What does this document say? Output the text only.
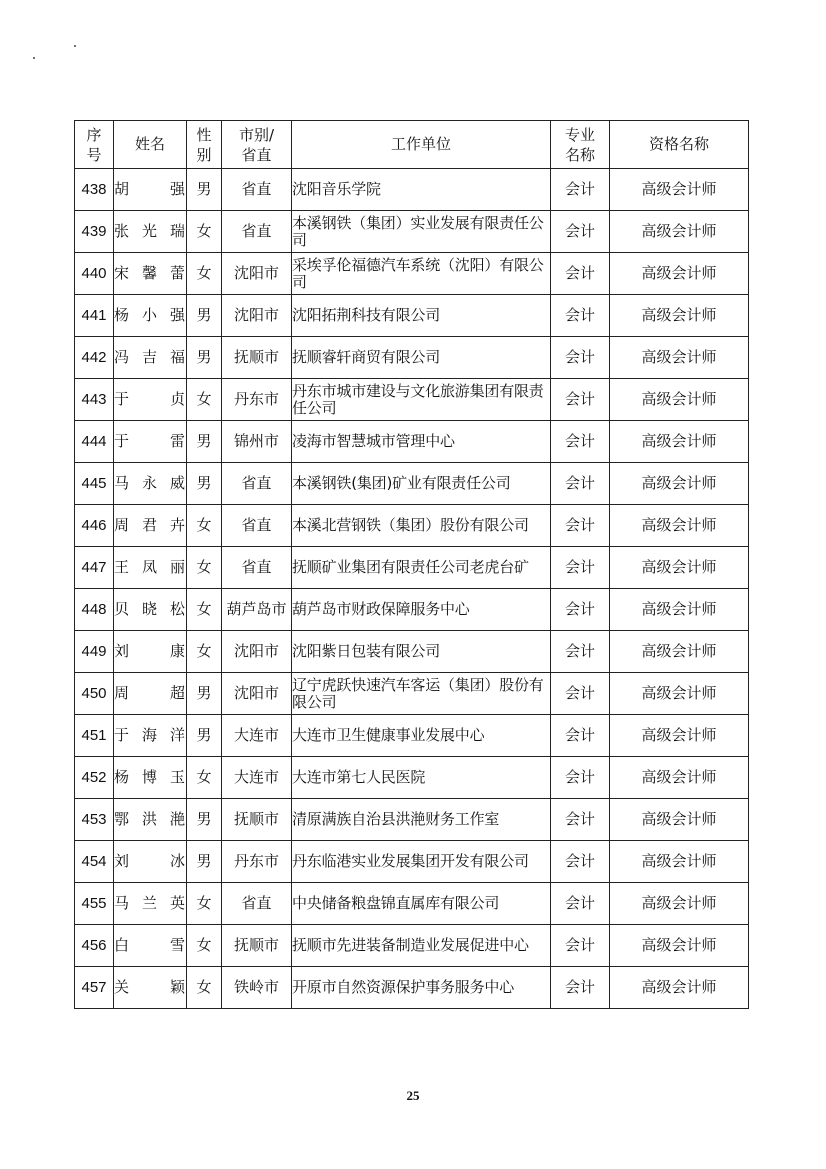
序号	姓名	性别	市别/省直	工作单位	专业名称	资格名称
438	胡强	男	省直	沈阳音乐学院	会计	高级会计师
439	张光瑞	女	省直	本溪钢铁（集团）实业发展有限责任公司	会计	高级会计师
440	宋馨蕾	女	沈阳市	采埃孚伦福德汽车系统（沈阳）有限公司	会计	高级会计师
441	杨小强	男	沈阳市	沈阳拓荆科技有限公司	会计	高级会计师
442	冯吉福	男	抚顺市	抚顺睿轩商贸有限公司	会计	高级会计师
443	于贞	女	丹东市	丹东市城市建设与文化旅游集团有限责任公司	会计	高级会计师
444	于雷	男	锦州市	凌海市智慧城市管理中心	会计	高级会计师
445	马永威	男	省直	本溪钢铁(集团)矿业有限责任公司	会计	高级会计师
446	周君卉	女	省直	本溪北营钢铁（集团）股份有限公司	会计	高级会计师
447	王凤丽	女	省直	抚顺矿业集团有限责任公司老虎台矿	会计	高级会计师
448	贝晓松	女	葫芦岛市	葫芦岛市财政保障服务中心	会计	高级会计师
449	刘康	女	沈阳市	沈阳紫日包装有限公司	会计	高级会计师
450	周超	男	沈阳市	辽宁虎跃快速汽车客运（集团）股份有限公司	会计	高级会计师
451	于海洋	男	大连市	大连市卫生健康事业发展中心	会计	高级会计师
452	杨博玉	女	大连市	大连市第七人民医院	会计	高级会计师
453	鄂洪滟	男	抚顺市	清原满族自治县洪滟财务工作室	会计	高级会计师
454	刘冰	男	丹东市	丹东临港实业发展集团开发有限公司	会计	高级会计师
455	马兰英	女	省直	中央储备粮盘锦直属库有限公司	会计	高级会计师
456	白雪	女	抚顺市	抚顺市先进装备制造业发展促进中心	会计	高级会计师
457	关颖	女	铁岭市	开原市自然资源保护事务服务中心	会计	高级会计师
25
